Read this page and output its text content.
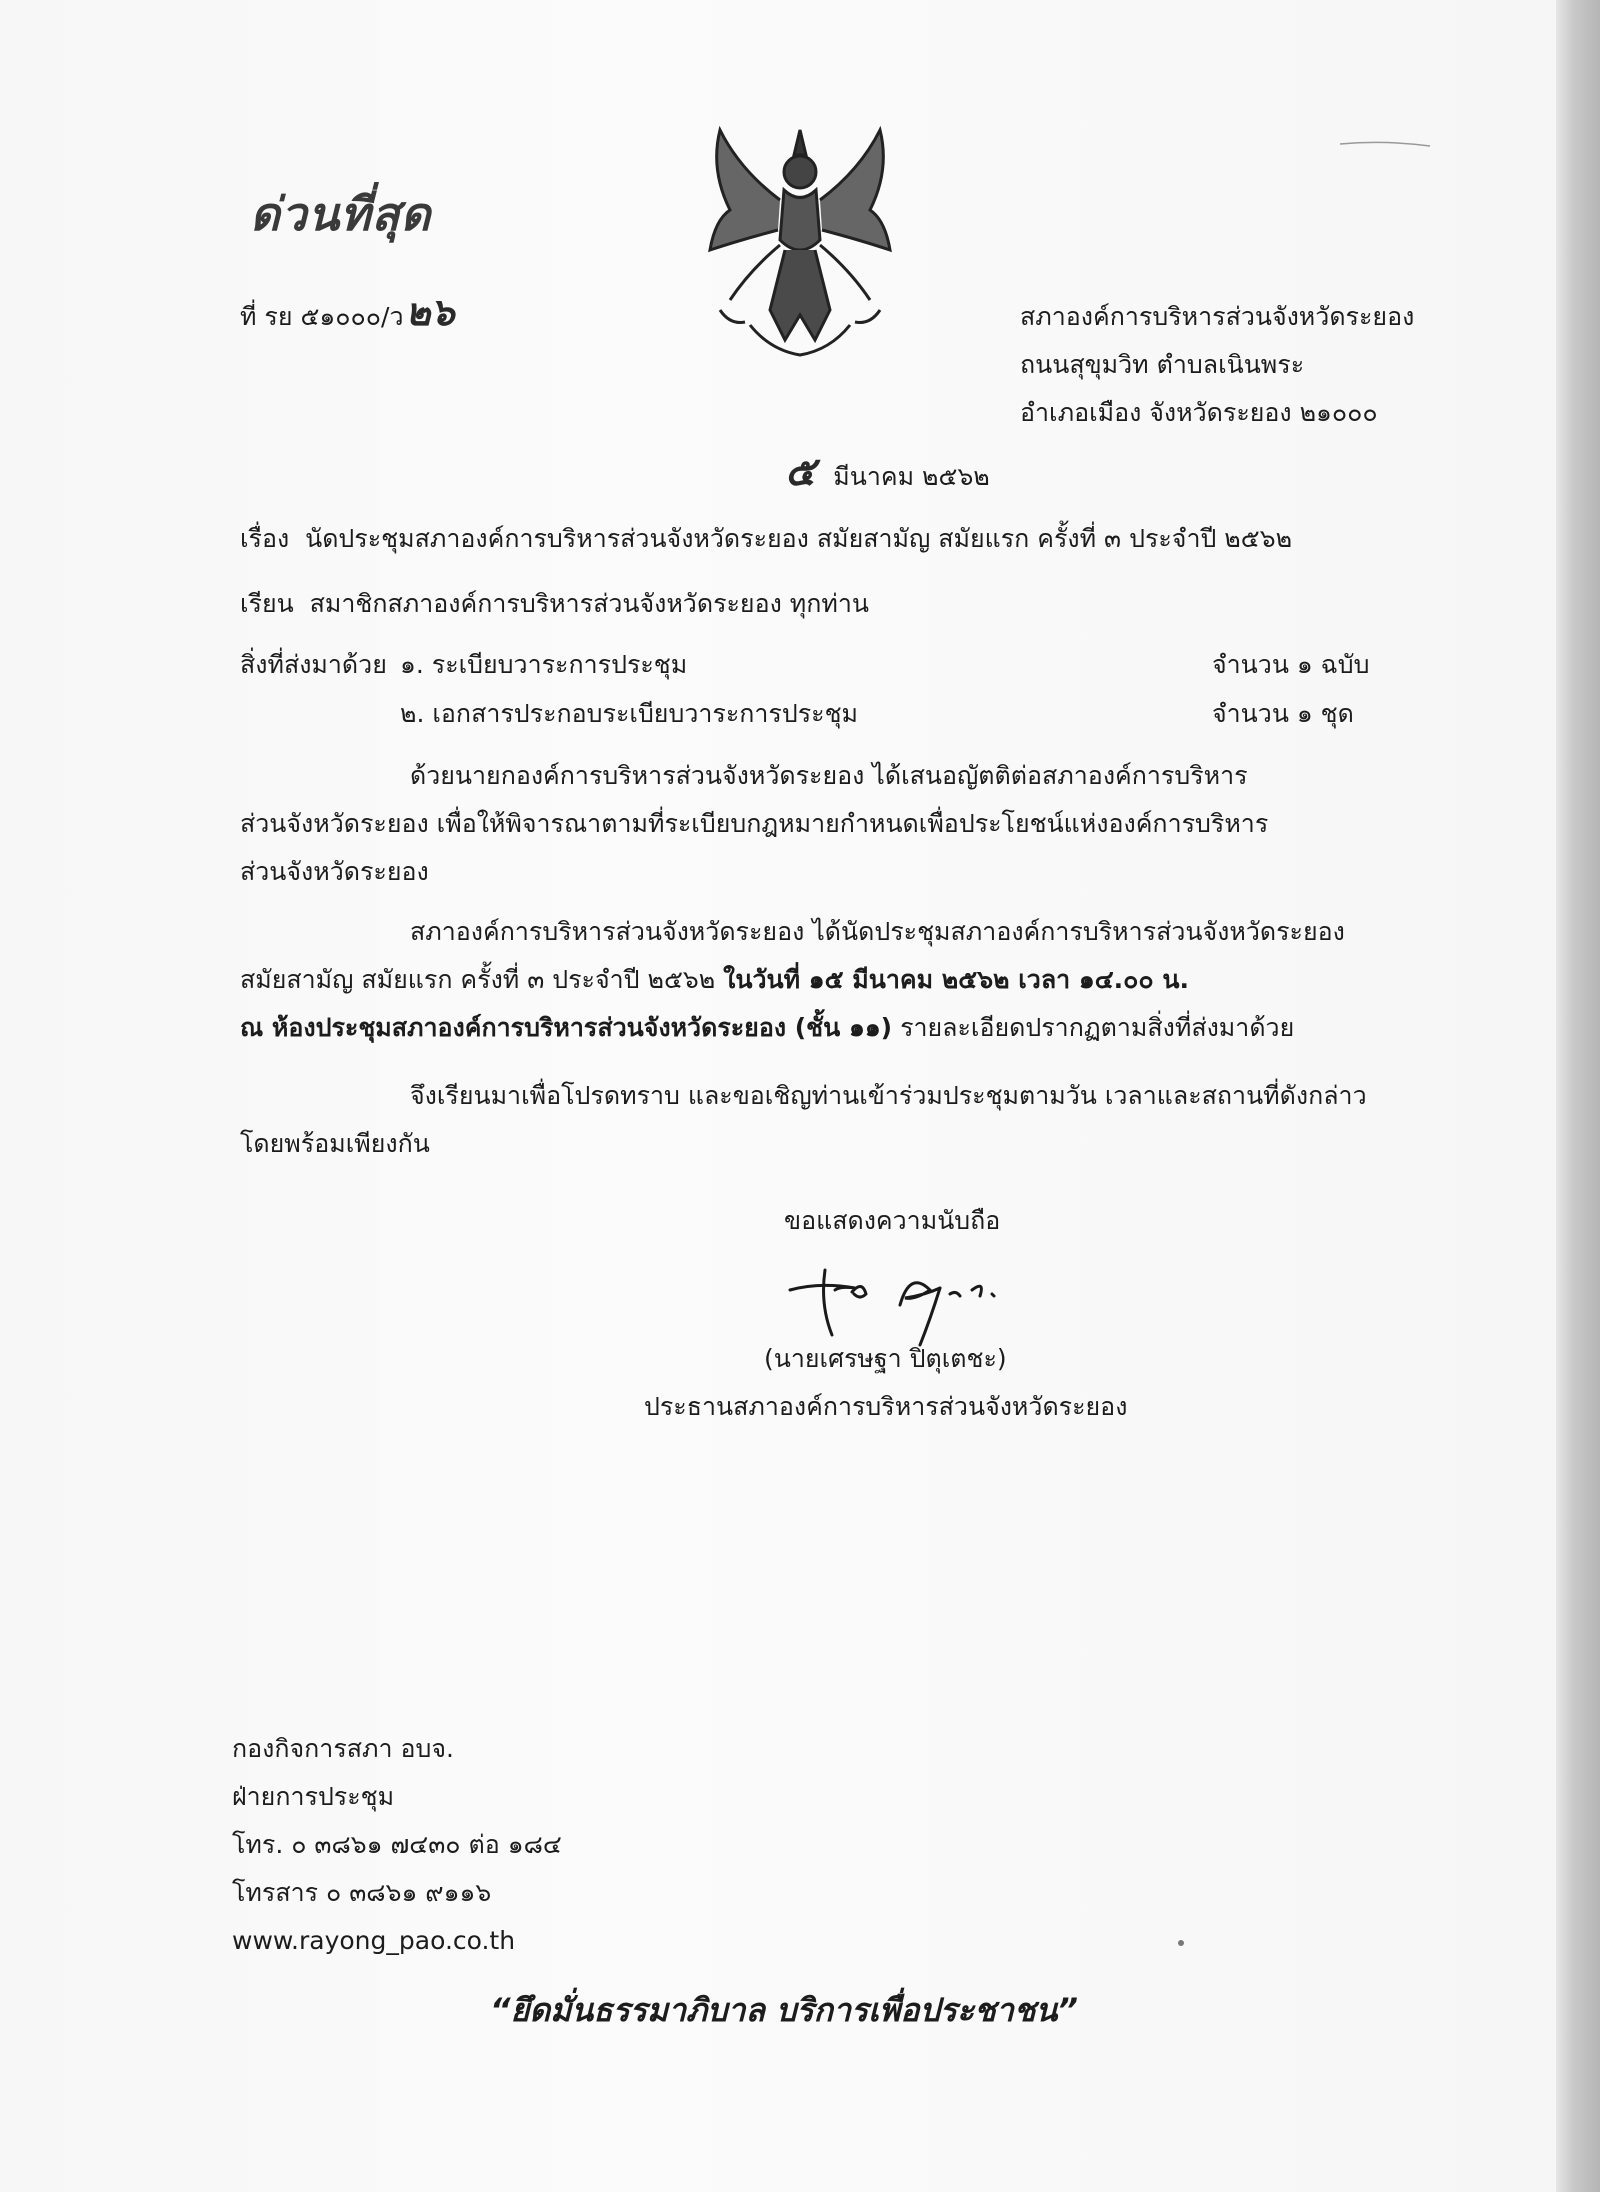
ด่วนที่สุด
ที่ รย ๕๑๐๐๐/ว๒๖	สภาองค์การบริหารส่วนจังหวัดระยอง
ถนนสุขุมวิท ตำบลเนินพระ
อำเภอเมือง จังหวัดระยอง ๒๑๐๐๐
๕ มีนาคม ๒๕๖๒
เรื่อง นัดประชุมสภาองค์การบริหารส่วนจังหวัดระยอง สมัยสามัญ สมัยแรก ครั้งที่ ๓ ประจำปี ๒๕๖๒
เรียน สมาชิกสภาองค์การบริหารส่วนจังหวัดระยอง ทุกท่าน
สิ่งที่ส่งมาด้วย ๑. ระเบียบวาระการประชุม	จำนวน ๑ ฉบับ
๒. เอกสารประกอบระเบียบวาระการประชุม	จำนวน ๑ ชุด
ด้วยนายกองค์การบริหารส่วนจังหวัดระยอง ได้เสนอญัตติต่อสภาองค์การบริหาร
ส่วนจังหวัดระยอง เพื่อให้พิจารณาตามที่ระเบียบกฎหมายกำหนดเพื่อประโยชน์แห่งองค์การบริหาร
ส่วนจังหวัดระยอง
สภาองค์การบริหารส่วนจังหวัดระยอง ได้นัดประชุมสภาองค์การบริหารส่วนจังหวัดระยอง
สมัยสามัญ สมัยแรก ครั้งที่ ๓ ประจำปี ๒๕๖๒ ในวันที่ ๑๕ มีนาคม ๒๕๖๒ เวลา ๑๔.๐๐ น.
ณ ห้องประชุมสภาองค์การบริหารส่วนจังหวัดระยอง (ชั้น ๑๑) รายละเอียดปรากฏตามสิ่งที่ส่งมาด้วย
จึงเรียนมาเพื่อโปรดทราบ และขอเชิญท่านเข้าร่วมประชุมตามวัน เวลาและสถานที่ดังกล่าว
โดยพร้อมเพียงกัน
ขอแสดงความนับถือ
(นายเศรษฐา ปิตุเตชะ)
ประธานสภาองค์การบริหารส่วนจังหวัดระยอง
กองกิจการสภา อบจ.
ฝ่ายการประชุม
โทร. ๐ ๓๘๖๑ ๗๔๓๐ ต่อ ๑๘๔
โทรสาร ๐ ๓๘๖๑ ๙๑๑๖
www.rayong_pao.co.th
“ยึดมั่นธรรมาภิบาล บริการเพื่อประชาชน”
